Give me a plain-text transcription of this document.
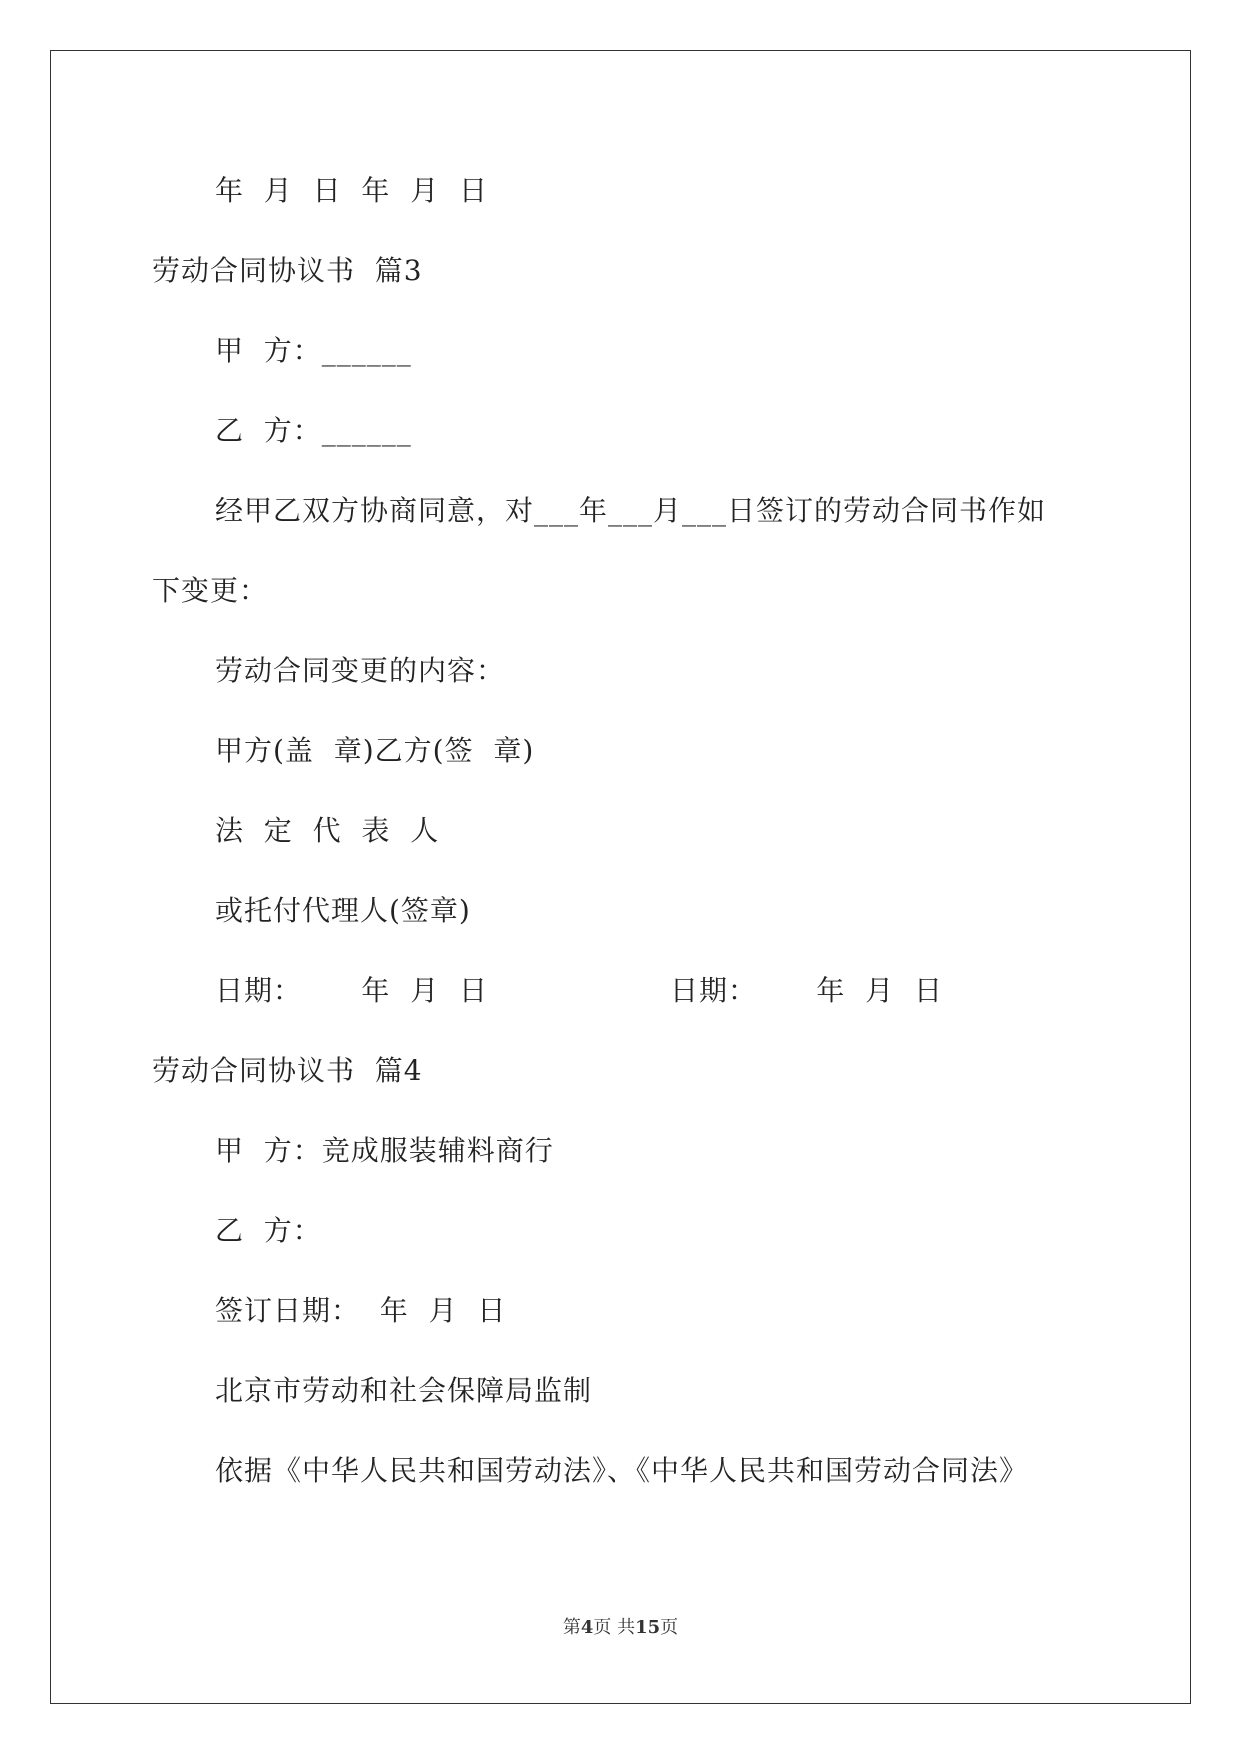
年  月  日  年  月  日
劳动合同协议书  篇3
甲  方：______
乙  方：______
经甲乙双方协商同意，对___年___月___日签订的劳动合同书作如
下变更：
劳动合同变更的内容：
甲方(盖  章)乙方(签  章)
法  定  代  表  人
或托付代理人(签章)
日期：      年  月  日	日期：      年  月  日
劳动合同协议书  篇4
甲  方：竞成服装辅料商行
乙  方：
签订日期：  年  月  日
北京市劳动和社会保障局监制
依据《中华人民共和国劳动法》、《中华人民共和国劳动合同法》
第4页 共15页
